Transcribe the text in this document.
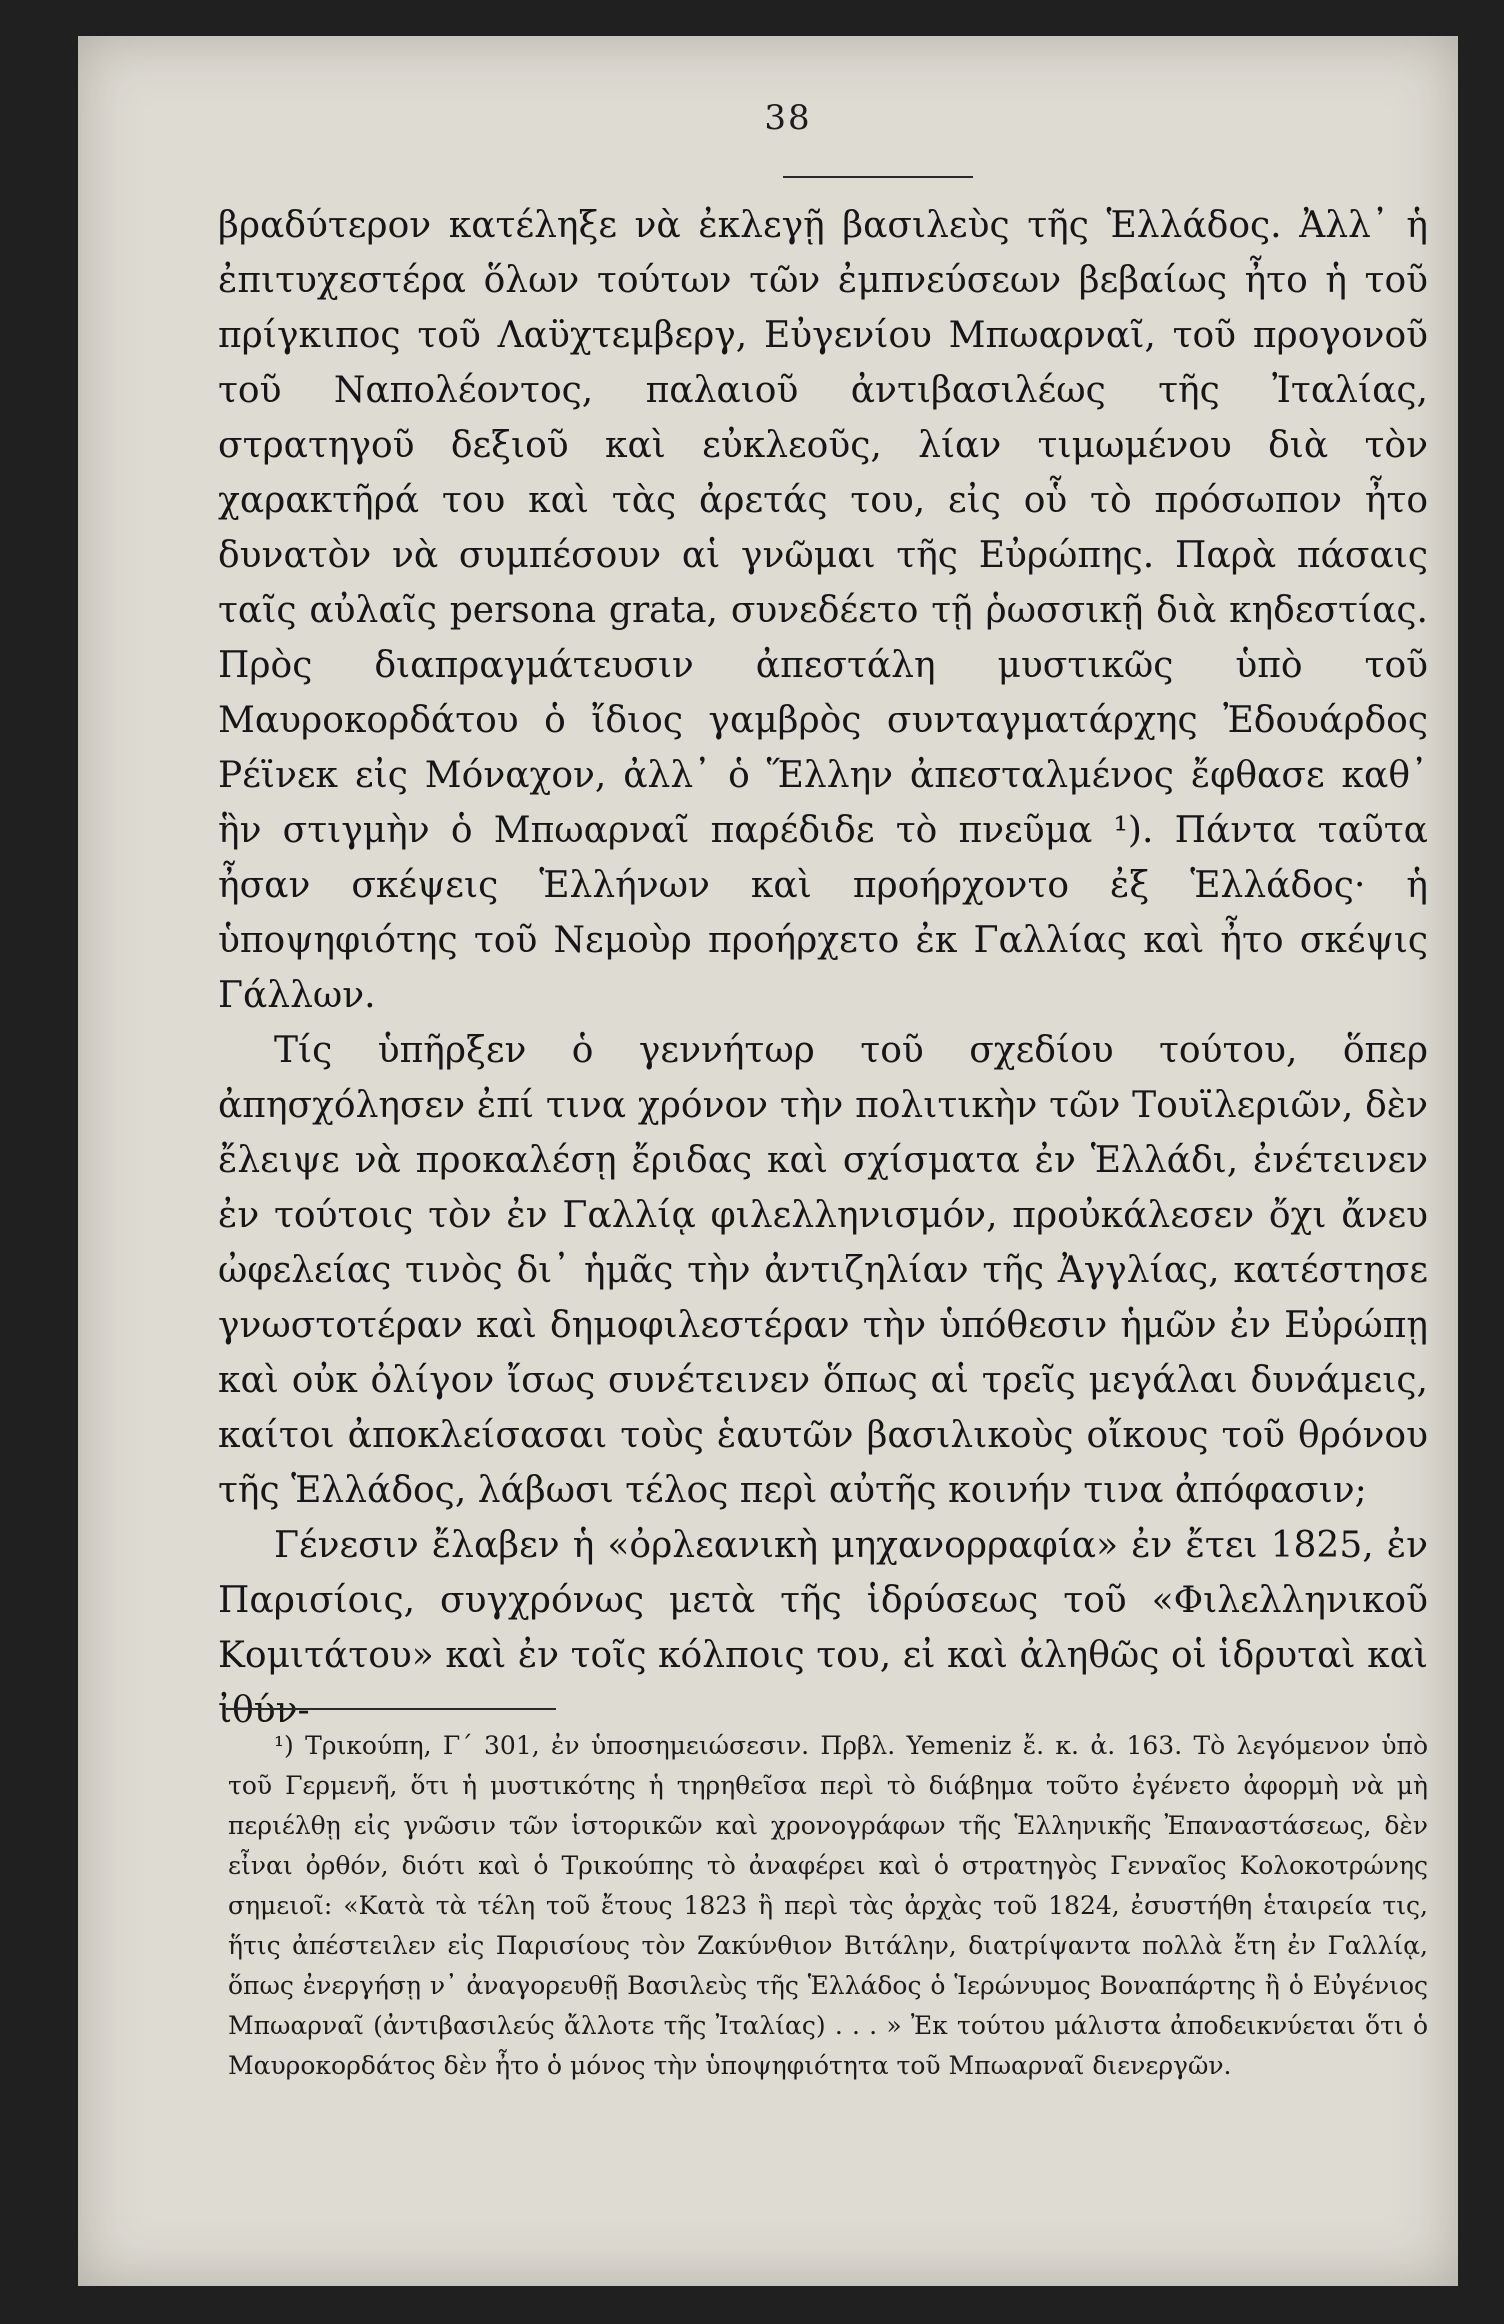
38

βραδύτερον κατέληξε νὰ ἐκλεγῇ βασιλεὺς τῆς Ἑλλάδος. Ἀλλ᾽ ἡ ἐπιτυχεστέρα ὅλων τούτων τῶν ἐμπνεύσεων βεβαίως ἦτο ἡ τοῦ πρίγκιπος τοῦ Λαϋχτεμβεργ, Εὐγενίου Μπωαρναῖ, τοῦ προγονοῦ τοῦ Ναπολέοντος, παλαιοῦ ἀντιβασιλέως τῆς Ἰταλίας, στρατηγοῦ δεξιοῦ καὶ εὐκλεοῦς, λίαν τιμωμένου διὰ τὸν χαρακτῆρά του καὶ τὰς ἀρετάς του, εἰς οὗ τὸ πρόσωπον ἦτο δυνατὸν νὰ συμπέσουν αἱ γνῶμαι τῆς Εὐρώπης. Παρὰ πάσαις ταῖς αὐλαῖς persona grata, συνεδέετο τῇ ῥωσσικῇ διὰ κηδεστίας. Πρὸς διαπραγμάτευσιν ἀπεστάλη μυστικῶς ὑπὸ τοῦ Μαυροκορδάτου ὁ ἴδιος γαμβρὸς συνταγματάρχης Ἐδουάρδος Ρέϊνεκ εἰς Μόναχον, ἀλλ᾽ ὁ Ἕλλην ἀπεσταλμένος ἔφθασε καθ᾽ ἣν στιγμὴν ὁ Μπωαρναῖ παρέδιδε τὸ πνεῦμα ¹). Πάντα ταῦτα ἦσαν σκέψεις Ἑλλήνων καὶ προήρχοντο ἐξ Ἑλλάδος· ἡ ὑποψηφιότης τοῦ Νεμοὺρ προήρχετο ἐκ Γαλλίας καὶ ἦτο σκέψις Γάλλων.

Τίς ὑπῆρξεν ὁ γεννήτωρ τοῦ σχεδίου τούτου, ὅπερ ἀπησχόλησεν ἐπί τινα χρόνον τὴν πολιτικὴν τῶν Τουϊλεριῶν, δὲν ἔλειψε νὰ προκαλέσῃ ἔριδας καὶ σχίσματα ἐν Ἑλλάδι, ἐνέτεινεν ἐν τούτοις τὸν ἐν Γαλλίᾳ φιλελληνισμόν, προὐκάλεσεν ὄχι ἄνευ ὠφελείας τινὸς δι᾽ ἡμᾶς τὴν ἀντιζηλίαν τῆς Ἀγγλίας, κατέστησε γνωστοτέραν καὶ δημοφιλεστέραν τὴν ὑπόθεσιν ἡμῶν ἐν Εὐρώπῃ καὶ οὐκ ὀλίγον ἴσως συνέτεινεν ὅπως αἱ τρεῖς μεγάλαι δυνάμεις, καίτοι ἀποκλείσασαι τοὺς ἑαυτῶν βασιλικοὺς οἴκους τοῦ θρόνου τῆς Ἑλλάδος, λάβωσι τέλος περὶ αὐτῆς κοινήν τινα ἀπόφασιν;

Γένεσιν ἔλαβεν ἡ «ὀρλεανικὴ μηχανορραφία» ἐν ἔτει 1825, ἐν Παρισίοις, συγχρόνως μετὰ τῆς ἱδρύσεως τοῦ «Φιλελληνικοῦ Κομιτάτου» καὶ ἐν τοῖς κόλποις του, εἰ καὶ ἀληθῶς οἱ ἱδρυταὶ καὶ ἰθύν-

¹) Τρικούπη, Γ´ 301, ἐν ὑποσημειώσεσιν. Πρβλ. Yemeniz ἔ. κ. ἀ. 163. Τὸ λεγόμενον ὑπὸ τοῦ Γερμενῆ, ὅτι ἡ μυστικότης ἡ τηρηθεῖσα περὶ τὸ διάβημα τοῦτο ἐγένετο ἀφορμὴ νὰ μὴ περιέλθῃ εἰς γνῶσιν τῶν ἱστορικῶν καὶ χρονογράφων τῆς Ἑλληνικῆς Ἐπαναστάσεως, δὲν εἶναι ὀρθόν, διότι καὶ ὁ Τρικούπης τὸ ἀναφέρει καὶ ὁ στρατηγὸς Γενναῖος Κολοκοτρώνης σημειοῖ: «Κατὰ τὰ τέλη τοῦ ἔτους 1823 ἢ περὶ τὰς ἀρχὰς τοῦ 1824, ἐσυστήθη ἑταιρεία τις, ἥτις ἀπέστειλεν εἰς Παρισίους τὸν Ζακύνθιον Βιτάλην, διατρίψαντα πολλὰ ἔτη ἐν Γαλλίᾳ, ὅπως ἐνεργήσῃ ν᾽ ἀναγορευθῇ Βασιλεὺς τῆς Ἑλλάδος ὁ Ἱερώνυμος Βοναπάρτης ἢ ὁ Εὐγένιος Μπωαρναῖ (ἀντιβασιλεύς ἄλλοτε τῆς Ἰταλίας) . . . » Ἐκ τούτου μάλιστα ἀποδεικνύεται ὅτι ὁ Μαυροκορδάτος δὲν ἦτο ὁ μόνος τὴν ὑποψηφιότητα τοῦ Μπωαρναῖ διενεργῶν.
